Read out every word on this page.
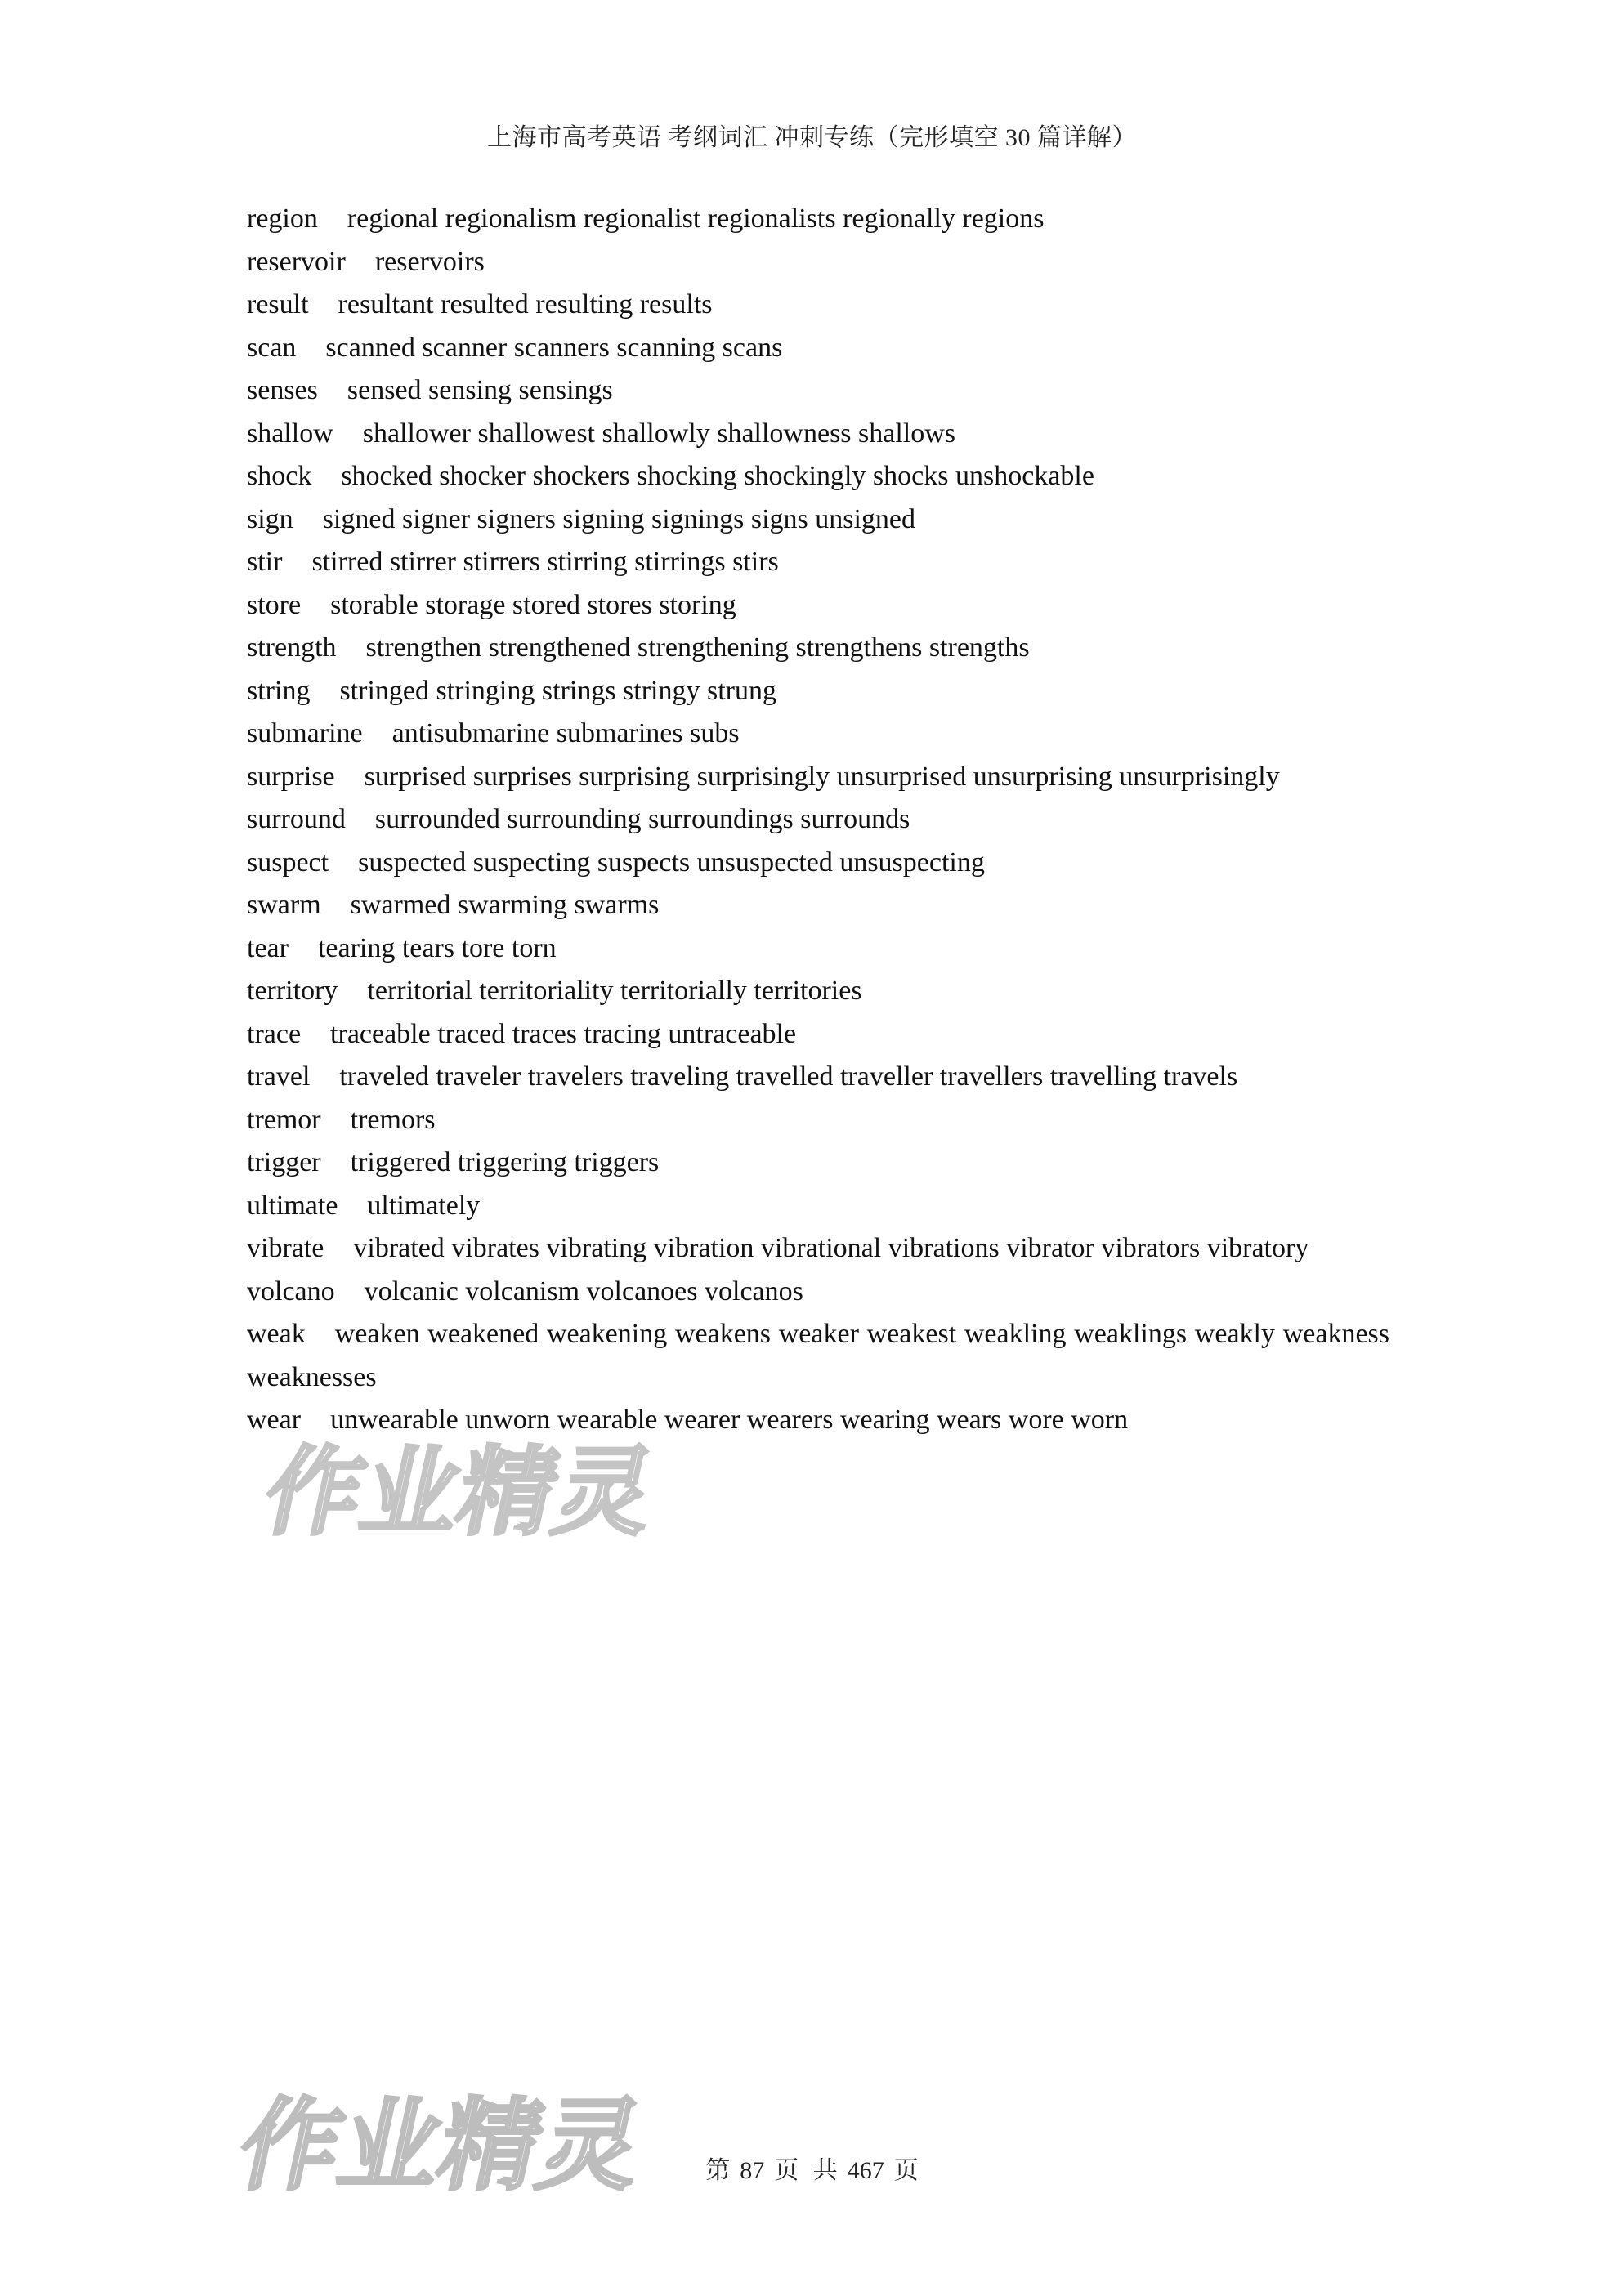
上海市高考英语 考纲词汇 冲刺专练（完形填空 30 篇详解）
region regional regionalism regionalist regionalists regionally regions
reservoir reservoirs
result resultant resulted resulting results
scan scanned scanner scanners scanning scans
senses sensed sensing sensings
shallow shallower shallowest shallowly shallowness shallows
shock shocked shocker shockers shocking shockingly shocks unshockable
sign signed signer signers signing signings signs unsigned
stir stirred stirrer stirrers stirring stirrings stirs
store storable storage stored stores storing
strength strengthen strengthened strengthening strengthens strengths
string stringed stringing strings stringy strung
submarine antisubmarine submarines subs
surprise surprised surprises surprising surprisingly unsurprised unsurprising unsurprisingly
surround surrounded surrounding surroundings surrounds
suspect suspected suspecting suspects unsuspected unsuspecting
swarm swarmed swarming swarms
tear tearing tears tore torn
territory territorial territoriality territorially territories
trace traceable traced traces tracing untraceable
travel traveled traveler travelers traveling travelled traveller travellers travelling travels
tremor tremors
trigger triggered triggering triggers
ultimate ultimately
vibrate vibrated vibrates vibrating vibration vibrational vibrations vibrator vibrators vibratory
volcano volcanic volcanism volcanoes volcanos
weak weaken weakened weakening weakens weaker weakest weakling weaklings weakly weakness weaknesses
wear unwearable unworn wearable wearer wearers wearing wears wore worn
作业精灵
作业精灵	第 87 页 共 467 页
